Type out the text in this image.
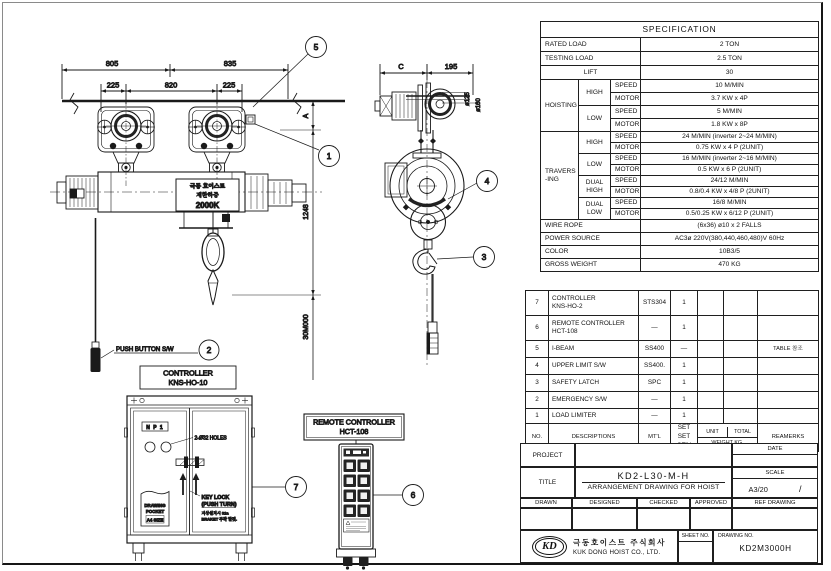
805	835
225	820	225
극동 호이스트
제한하중
2000K
PUSH BUTTON S/W
A
1248
30M000
5
1
2
C	195
ø125 ø160
4
3
CONTROLLER
KNS-HO-10
N P 1
2-Ø32 HOLES
KEY LOCK
(PUSH TURN)
지상설치시 32a
BRAKET 부착 할것.
DRAWING
POCKET
A4 SIZE
7
REMOTE CONTROLLER
HCT-108
6
SPECIFICATION			
RATED LOAD			2 TON
TESTING LOAD			2.5 TON
LIFT			30
HOISTING	HIGH	SPEED	10 M/MIN
		MOTOR	3.7 KW x 4P
	LOW	SPEED	5 M/MIN
		MOTOR	1.8 KW x 8P
TRAVERS
-ING	HIGH	SPEED	24 M/MIN (inverter 2~24 M/MIN)
		MOTOR	0.75 KW x 4 P (2UNIT)
	LOW	SPEED	16 M/MIN (inverter 2~16 M/MIN)
		MOTOR	0.5 KW x 6 P (2UNIT)
	DUAL
HIGH	SPEED	24/12 M/MIN
		MOTOR	0.8/0.4 KW x 4/8 P (2UNIT)
	DUAL
LOW	SPEED	16/8 M/MIN
		MOTOR	0.5/0.25 KW x 6/12 P (2UNIT)
WIRE ROPE			(6x36) ø10 x 2 FALLS
POWER SOURCE			AC3ø 220V(380,440,460,480)V 60Hz
COLOR			10B3/5
GROSS WEIGHT			470 KG
7	CONTROLLER
KNS-HO-2	STS304	1			
6	REMOTE CONTROLLER
HCT-108	—	1			
5	I-BEAM	SS400	—			TABLE 참조
4	UPPER LIMIT S/W	SS400.	1			
3	SAFETY LATCH	SPC	1			
2	EMERGENCY S/W	—	1			
1	LOAD LIMITER	—	1			
NO.	DESCRIPTIONS	MT'L	
SET SET

UNIT	TOTAL
	REAMERKS
PROJECT
DATE
TITLE
KD2-L30-M-H
ARRANGEMENT DRAWING FOR HOIST
SCALE
A3/20	/
DRAWN	DESIGNED	CHECKED	APPROVED	REF DRAWING
KD 극동호이스트 주식회사
KUK DONG HOIST CO., LTD.
SHEET NO.	DRAWING NO.
KD2M3000H
